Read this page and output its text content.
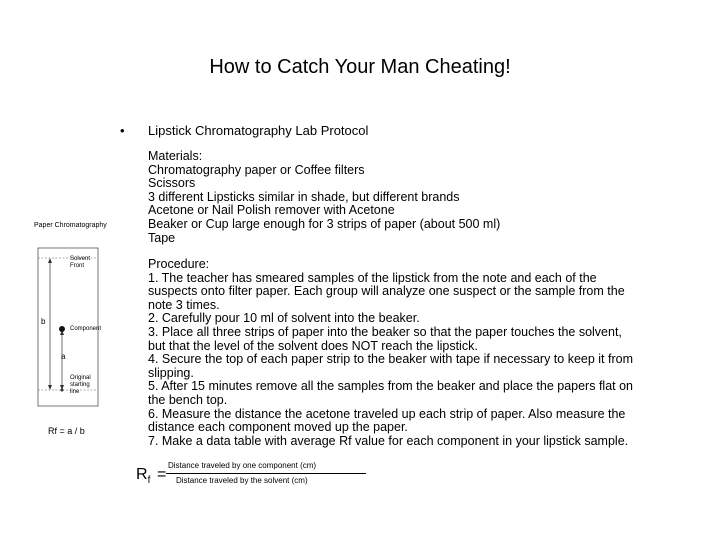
How to Catch Your Man Cheating!
• Lipstick Chromatography Lab Protocol
Materials:
Chromatography paper or Coffee filters
Scissors
3 different Lipsticks similar in shade, but different brands
Acetone or Nail Polish remover with Acetone
Beaker or Cup large enough for 3 strips of paper (about 500 ml)
Tape
Procedure:
1. The teacher has smeared samples of the lipstick from the note and each of the
suspects onto filter paper. Each group will analyze one suspect or the sample from the
note 3 times.
2. Carefully pour 10 ml of solvent into the beaker.
3. Place all three strips of paper into the beaker so that the paper touches the solvent,
but that the level of the solvent does NOT reach the lipstick.
4. Secure the top of each paper strip to the beaker with tape if necessary to keep it from
slipping.
5. After 15 minutes remove all the samples from the beaker and place the papers flat on
the bench top.
6. Measure the distance the acetone traveled up each strip of paper. Also measure the
distance each component moved up the paper.
7. Make a data table with average Rf value for each component in your lipstick sample.
Paper Chromatography
Solvent
Front
Component
b
a
Original
starting
line
Rf = a / b
$R_f$ =
Distance traveled by one component (cm)
Distance traveled by the solvent (cm)
